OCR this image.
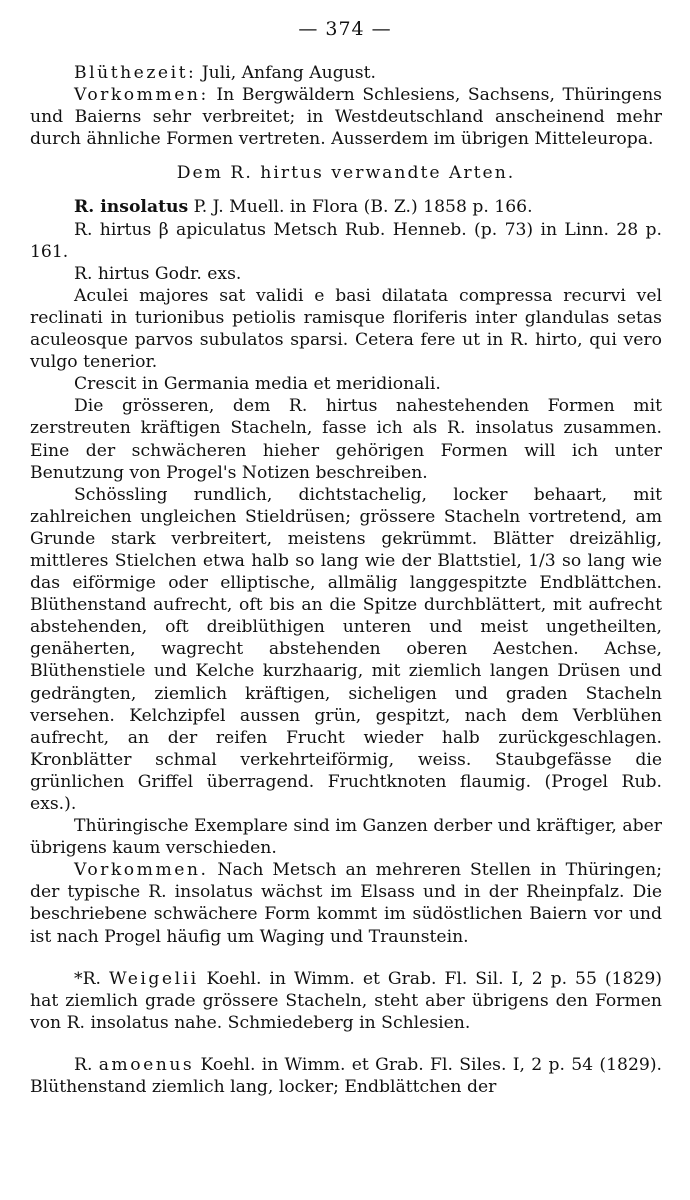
— 374 —

Blüthezeit: Juli, Anfang August.

Vorkommen: In Bergwäldern Schlesiens, Sachsens, Thüringens und Baierns sehr verbreitet; in Westdeutschland anscheinend mehr durch ähnliche Formen vertreten. Ausserdem im übrigen Mitteleuropa.

Dem R. hirtus verwandte Arten.

R. insolatus P. J. Muell. in Flora (B. Z.) 1858 p. 166.

R. hirtus β apiculatus Metsch Rub. Henneb. (p. 73) in Linn. 28 p. 161.

R. hirtus Godr. exs.

Aculei majores sat validi e basi dilatata compressa recurvi vel reclinati in turionibus petiolis ramisque floriferis inter glandulas setas aculeosque parvos subulatos sparsi. Cetera fere ut in R. hirto, qui vero vulgo tenerior.

Crescit in Germania media et meridionali.

Die grösseren, dem R. hirtus nahestehenden Formen mit zerstreuten kräftigen Stacheln, fasse ich als R. insolatus zusammen. Eine der schwächeren hieher gehörigen Formen will ich unter Benutzung von Progel's Notizen beschreiben.

Schössling rundlich, dichtstachelig, locker behaart, mit zahlreichen ungleichen Stieldrüsen; grössere Stacheln vortretend, am Grunde stark verbreitert, meistens gekrümmt. Blätter dreizählig, mittleres Stielchen etwa halb so lang wie der Blattstiel, 1/3 so lang wie das eiförmige oder elliptische, allmälig langgespitzte Endblättchen. Blüthenstand aufrecht, oft bis an die Spitze durchblättert, mit aufrecht abstehenden, oft dreiblüthigen unteren und meist ungetheilten, genäherten, wagrecht abstehenden oberen Aestchen. Achse, Blüthenstiele und Kelche kurzhaarig, mit ziemlich langen Drüsen und gedrängten, ziemlich kräftigen, sicheligen und graden Stacheln versehen. Kelchzipfel aussen grün, gespitzt, nach dem Verblühen aufrecht, an der reifen Frucht wieder halb zurückgeschlagen. Kronblätter schmal verkehrteiförmig, weiss. Staubgefässe die grünlichen Griffel überragend. Fruchtknoten flaumig. (Progel Rub. exs.).

Thüringische Exemplare sind im Ganzen derber und kräftiger, aber übrigens kaum verschieden.

Vorkommen. Nach Metsch an mehreren Stellen in Thüringen; der typische R. insolatus wächst im Elsass und in der Rheinpfalz. Die beschriebene schwächere Form kommt im südöstlichen Baiern vor und ist nach Progel häufig um Waging und Traunstein.

*R. Weigelii Koehl. in Wimm. et Grab. Fl. Sil. I, 2 p. 55 (1829) hat ziemlich grade grössere Stacheln, steht aber übrigens den Formen von R. insolatus nahe. Schmiedeberg in Schlesien.

R. amoenus Koehl. in Wimm. et Grab. Fl. Siles. I, 2 p. 54 (1829). Blüthenstand ziemlich lang, locker; Endblättchen der
